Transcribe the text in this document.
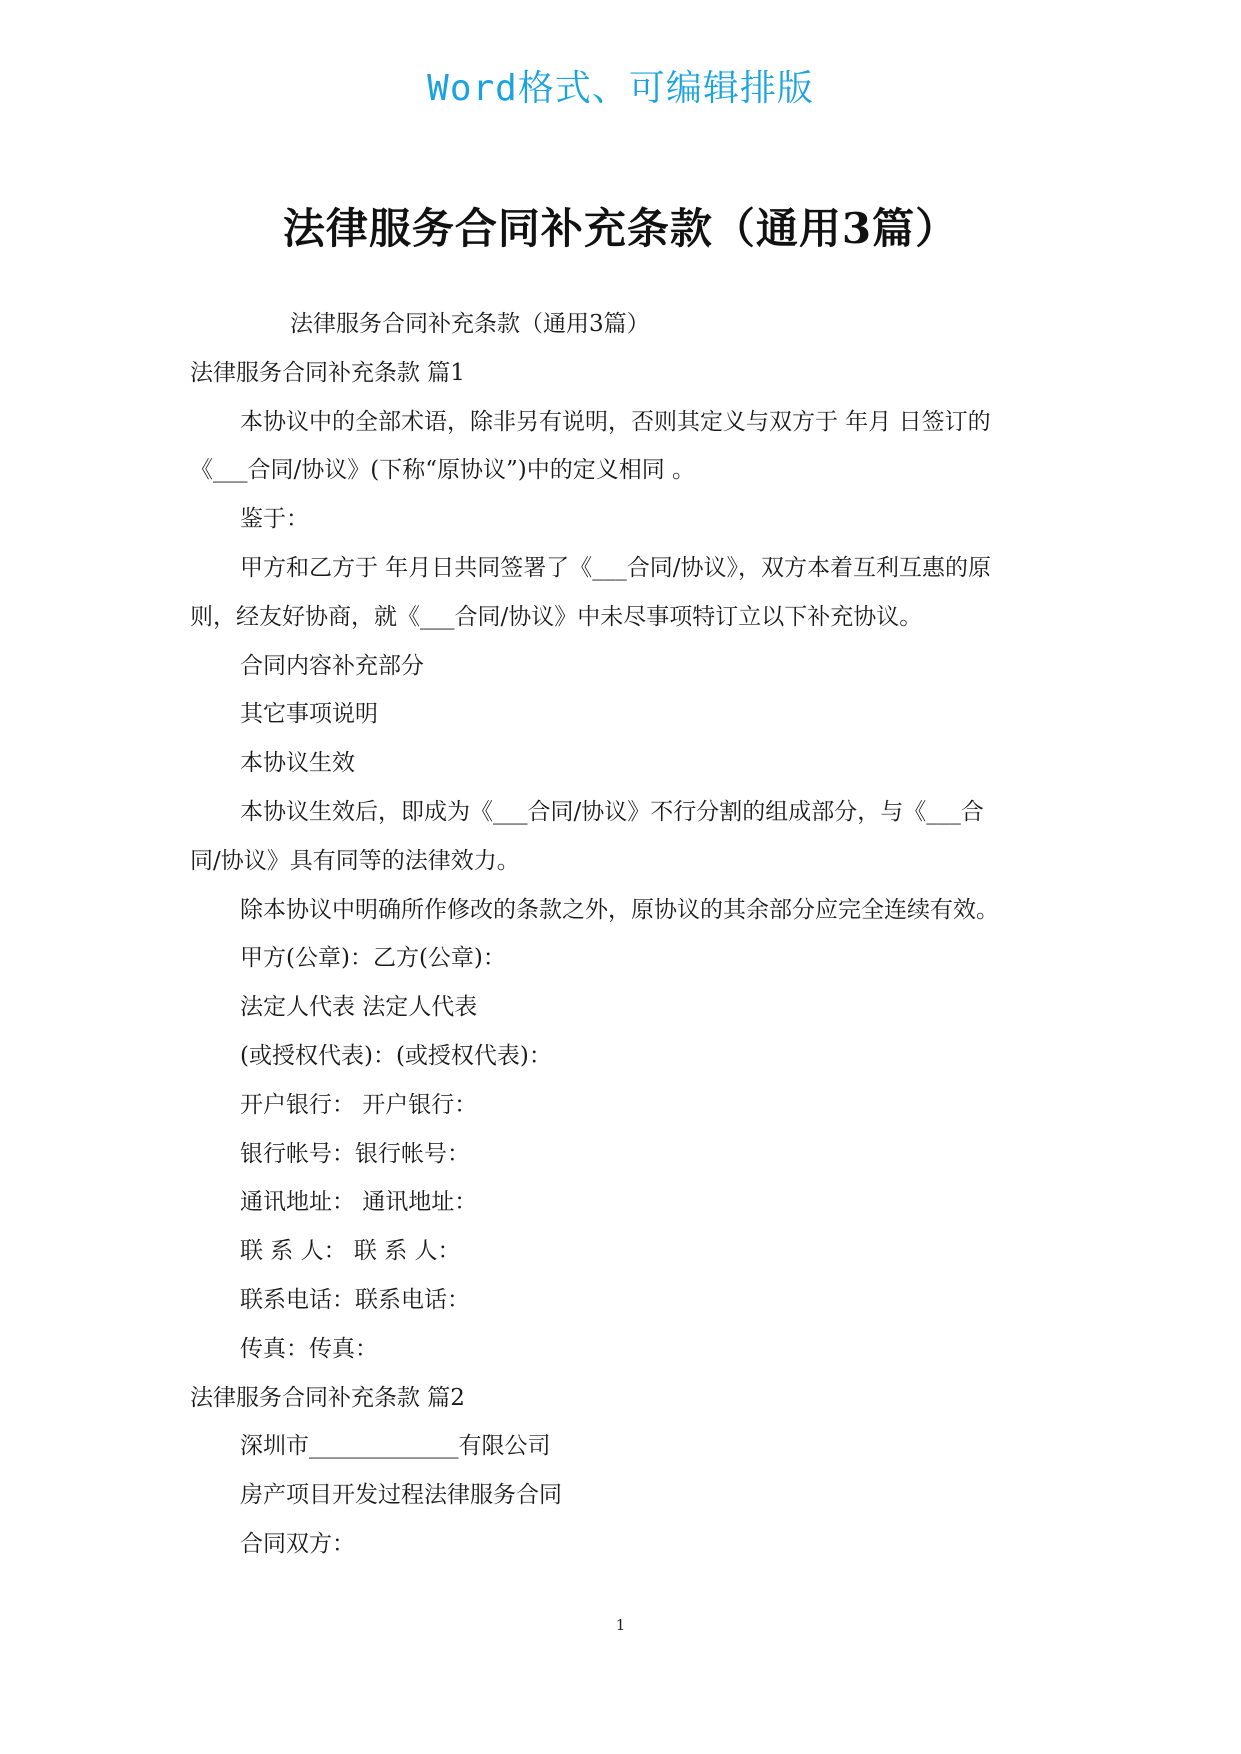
Word格式、可编辑排版
法律服务合同补充条款（通用3篇）

法律服务合同补充条款（通用3篇）

法律服务合同补充条款 篇1

本协议中的全部术语，除非另有说明，否则其定义与双方于 年月 日签订的

《___合同/协议》(下称“原协议”)中的定义相同 。

鉴于：

甲方和乙方于 年月日共同签署了《___合同/协议》，双方本着互利互惠的原

则，经友好协商，就《___合同/协议》中未尽事项特订立以下补充协议。

合同内容补充部分

其它事项说明

本协议生效

本协议生效后，即成为《___合同/协议》不行分割的组成部分，与《___合

同/协议》具有同等的法律效力。

除本协议中明确所作修改的条款之外，原协议的其余部分应完全连续有效。

甲方(公章)：乙方(公章)：

法定人代表 法定人代表

(或授权代表)：(或授权代表)：

开户银行： 开户银行：

银行帐号：银行帐号：

通讯地址： 通讯地址：

联 系 人： 联 系 人：

联系电话：联系电话：

传真：传真：

法律服务合同补充条款 篇2

深圳市_____________有限公司

房产项目开发过程法律服务合同

合同双方：

1
